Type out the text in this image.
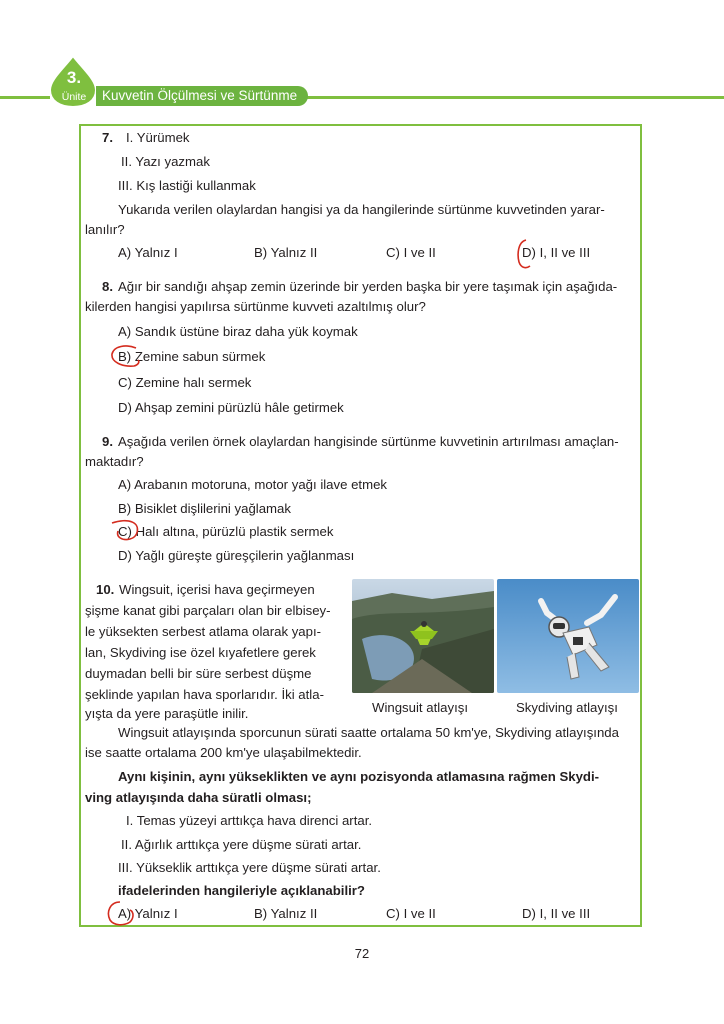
3.
Ünite	Kuvvetin Ölçülmesi ve Sürtünme
7. I. Yürümek
II. Yazı yazmak
III. Kış lastiği kullanmak
Yukarıda verilen olaylardan hangisi ya da hangilerinde sürtünme kuvvetinden yarar-
lanılır?
A) Yalnız I	B) Yalnız II	C) I ve II	D) I, II ve III
8. Ağır bir sandığı ahşap zemin üzerinde bir yerden başka bir yere taşımak için aşağıda-
kilerden hangisi yapılırsa sürtünme kuvveti azaltılmış olur?
A) Sandık üstüne biraz daha yük koymak
B) Zemine sabun sürmek
C) Zemine halı sermek
D) Ahşap zemini pürüzlü hâle getirmek
9. Aşağıda verilen örnek olaylardan hangisinde sürtünme kuvvetinin artırılması amaçlan-
maktadır?
A) Arabanın motoruna, motor yağı ilave etmek
B) Bisiklet dişlilerini yağlamak
C) Halı altına, pürüzlü plastik sermek
D) Yağlı güreşte güreşçilerin yağlanması
10. Wingsuit, içerisi hava geçirmeyen
şişme kanat gibi parçaları olan bir elbisey-
le yüksekten serbest atlama olarak yapı-
lan, Skydiving ise özel kıyafetlere gerek
duymadan belli bir süre serbest düşme
şeklinde yapılan hava sporlarıdır. İki atla-
yışta da yere paraşütle inilir.	Wingsuit atlayışı	Skydiving atlayışı
Wingsuit atlayışında sporcunun sürati saatte ortalama 50 km'ye, Skydiving atlayışında
ise saatte ortalama 200 km'ye ulaşabilmektedir.
Aynı kişinin, aynı yükseklikten ve aynı pozisyonda atlamasına rağmen Skydi-
ving atlayışında daha süratli olması;
I. Temas yüzeyi arttıkça hava direnci artar.
II. Ağırlık arttıkça yere düşme sürati artar.
III. Yükseklik arttıkça yere düşme sürati artar.
ifadelerinden hangileriyle açıklanabilir?
A) Yalnız I	B) Yalnız II	C) I ve II	D) I, II ve III
72
